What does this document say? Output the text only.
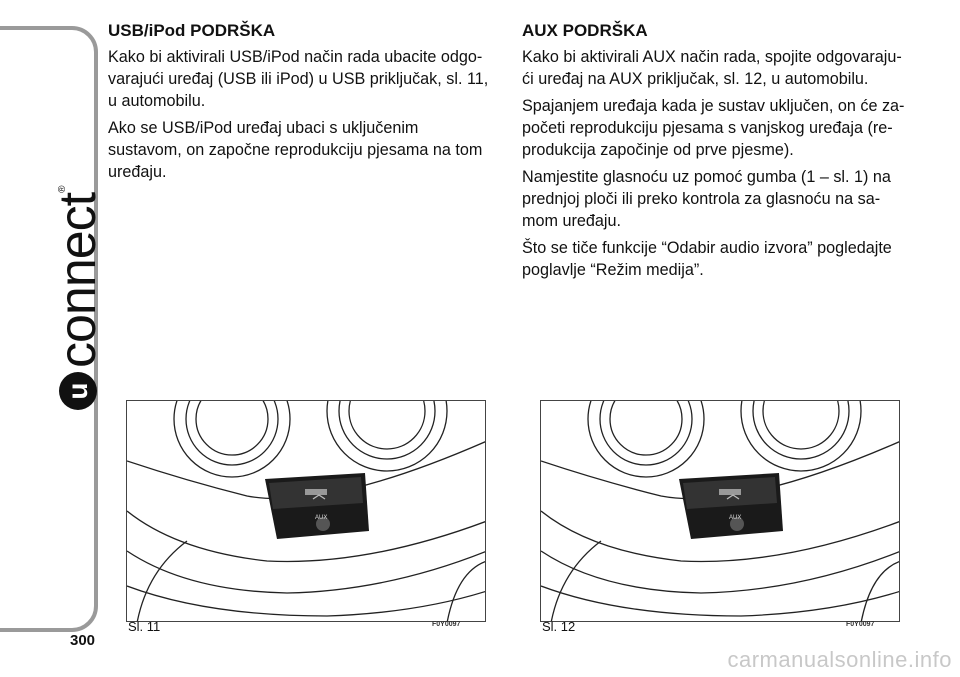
u
connect
®
300
USB/iPod PODRŠKA

Kako bi aktivirali USB/iPod način rada ubacite odgo-varajući uređaj (USB ili iPod) u USB priključak, sl. 11, u automobilu.

Ako se USB/iPod uređaj ubaci s uključenim sustavom, on započne reprodukciju pjesama na tom uređaju.

AUX PODRŠKA

Kako bi aktivirali AUX način rada, spojite odgovaraju-ći uređaj na AUX priključak, sl. 12, u automobilu.

Spajanjem uređaja kada je sustav uključen, on će za-početi reprodukciju pjesama s vanjskog uređaja (re-produkcija započinje od prve pjesme).

Namjestite glasnoću uz pomoć gumba (1 – sl. 1) na prednjoj ploči ili preko kontrola za glasnoću na sa-mom uređaju.

Što se tiče funkcije “Odabir audio izvora” pogledajte poglavlje “Režim medija”.

AUX
Sl. 11	F0Y0097
AUX
Sl. 12	F0Y0097
carmanualsonline.info
